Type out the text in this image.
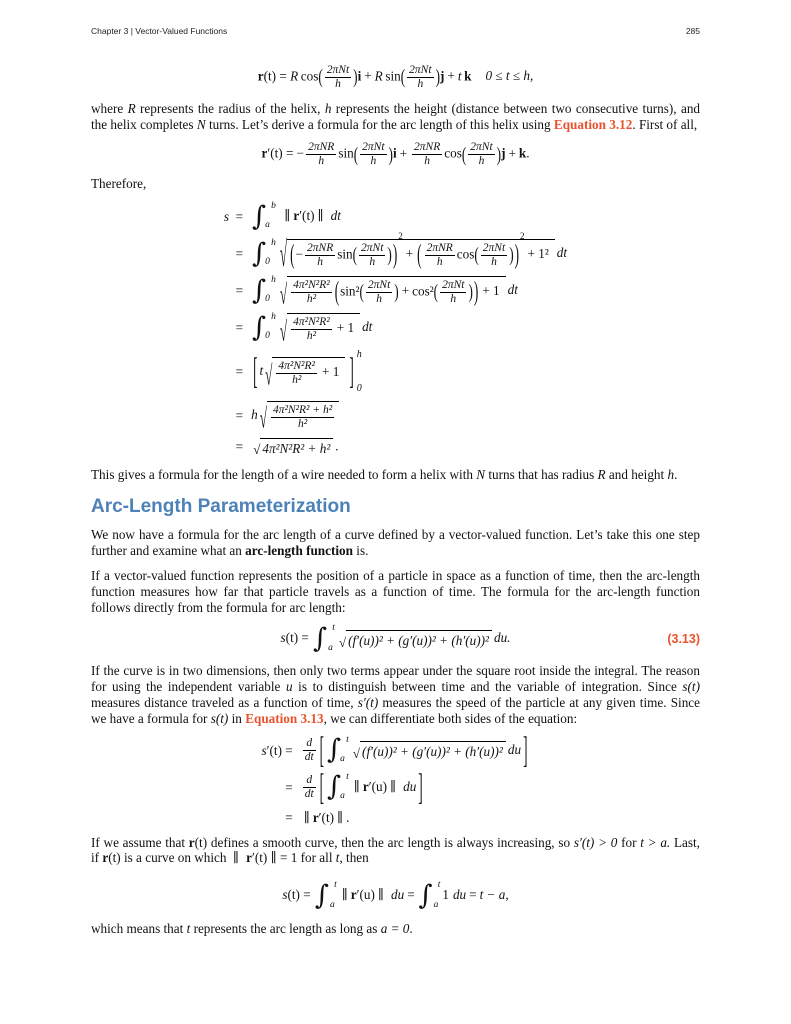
Chapter 3 | Vector-Valued Functions	285
r(t) = R  $\cos( \frac{\text{2πNt}}{h} )i + R$  $\sin( \frac{\text{2πNt}}{h} )j + t$  k 0 ≤ t ≤ h,

where R represents the radius of the helix, h represents the height (distance between two consecutive turns), and the helix completes N turns. Let’s derive a formula for the arc length of this helix using Equation 3.12. First of all,

r′(t) = − $\frac{\text{2πNR}}{h} \sin( \frac{\text{2πNt}}{h} )i + \frac{\text{2πNR}}{h} \cos( \frac{\text{2πNt}}{h} )j + k$.

Therefore,

s = ∫ b
a
∥ r′(t) ∥ dt
= ∫ h
0 √ (− $\frac{\text{2πNR}}{h} \sin( \frac{\text{2πNt}}{h} ))^2+$ ( $\frac{\text{2πNR}}{h} \cos( \frac{\text{2πNt}}{h} ))^2+ 1^2$ dt
= ∫ h
0 √ $\frac{\text{4π²N²R²}}{\text{h²}} (\sin^2( \frac{\text{2πNt}}{h}$ ) + $\cos^2( \frac{\text{2πNt}}{h}$ )) + 1 dt
= ∫ h
0 √ $\frac{\text{4π²N²R²}}{\text{h²}} + 1$ dt
= [ t √ $\frac{\text{4π²N²R²}}{\text{h²}} + 1$ ] h
0
= h √ $\frac{\text{4π²N²R² + h²}}{\text{h²}}$
= √ 4π²N²R² + h² .

This gives a formula for the length of a wire needed to form a helix with N turns that has radius R and height h.

Arc-Length Parameterization

We now have a formula for the arc length of a curve defined by a vector-valued function. Let’s take this one step further and examine what an arc-length function is.

If a vector-valued function represents the position of a particle in space as a function of time, then the arc-length function measures how far that particle travels as a function of time. The formula for the arc-length function follows directly from the formula for arc length:

s(t) = ∫ t
a √ (f′(u))² + (g′(u))² + (h′(u))² du.	(3.13)

If the curve is in two dimensions, then only two terms appear under the square root inside the integral. The reason for using the independent variable u is to distinguish between time and the variable of integration. Since s(t) measures distance traveled as a function of time, s′(t) measures the speed of the particle at any given time. Since we have a formula for s(t) in Equation 3.13, we can differentiate both sides of the equation:

$s'(t) = \frac{d}{dt}$ [ ∫ t
a √ (f′(u))² + (g′(u))² + (h′(u))² du ]
= $\frac{d}{dt}$ [ ∫ t
a
∥ r′(u) ∥ du ]
= ∥ r′(t) ∥ .

If we assume that r(t) defines a smooth curve, then the arc length is always increasing, so s′(t) > 0 for t > a. Last, if r(t) is a curve on which ∥ r′(t) ∥ = 1 for all t, then

s(t) = ∫ t
a
∥ r′(u) ∥ du = ∫ t
a
1 du = t − a,

which means that t represents the arc length as long as a = 0.
